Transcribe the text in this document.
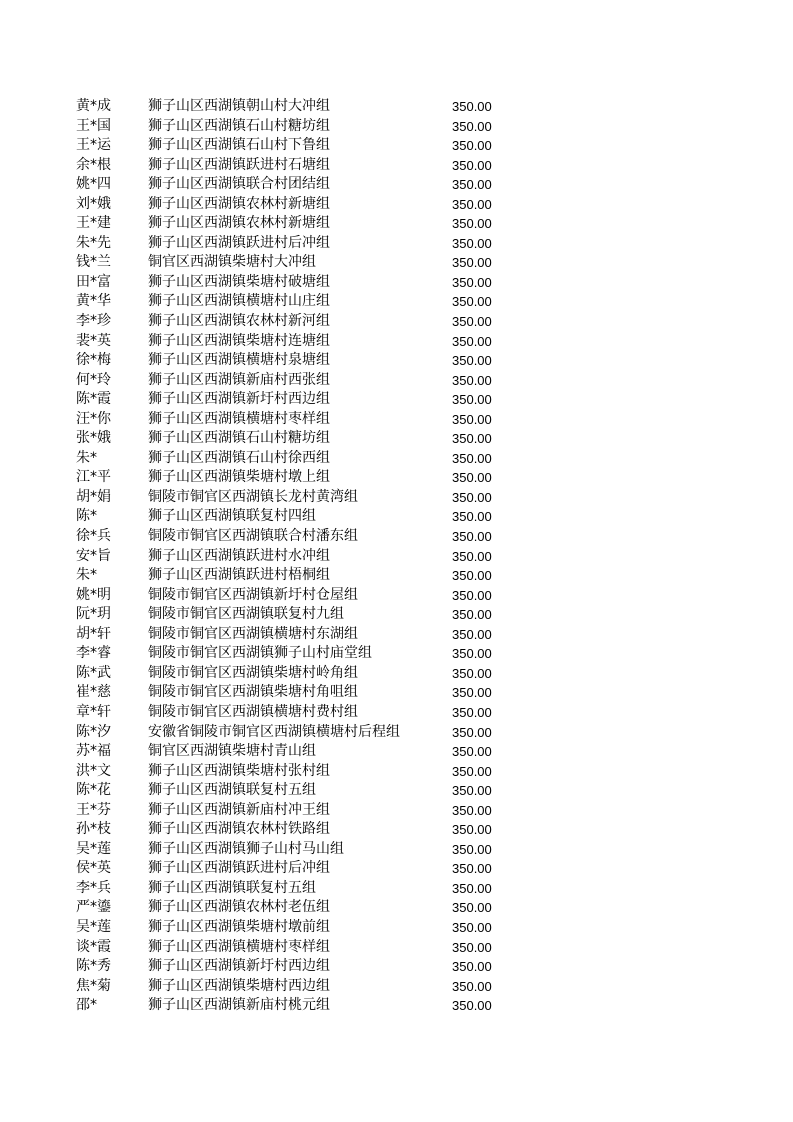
黄*成	狮子山区西湖镇朝山村大冲组	350.00
王*国	狮子山区西湖镇石山村糖坊组	350.00
王*运	狮子山区西湖镇石山村下鲁组	350.00
余*根	狮子山区西湖镇跃进村石塘组	350.00
姚*四	狮子山区西湖镇联合村团结组	350.00
刘*娥	狮子山区西湖镇农林村新塘组	350.00
王*建	狮子山区西湖镇农林村新塘组	350.00
朱*先	狮子山区西湖镇跃进村后冲组	350.00
钱*兰	铜官区西湖镇柴塘村大冲组	350.00
田*富	狮子山区西湖镇柴塘村破塘组	350.00
黄*华	狮子山区西湖镇横塘村山庄组	350.00
李*珍	狮子山区西湖镇农林村新河组	350.00
裴*英	狮子山区西湖镇柴塘村连塘组	350.00
徐*梅	狮子山区西湖镇横塘村泉塘组	350.00
何*玲	狮子山区西湖镇新庙村西张组	350.00
陈*霞	狮子山区西湖镇新圩村西边组	350.00
汪*你	狮子山区西湖镇横塘村枣样组	350.00
张*娥	狮子山区西湖镇石山村糖坊组	350.00
朱*	狮子山区西湖镇石山村徐西组	350.00
江*平	狮子山区西湖镇柴塘村墩上组	350.00
胡*娟	铜陵市铜官区西湖镇长龙村黄湾组	350.00
陈*	狮子山区西湖镇联复村四组	350.00
徐*兵	铜陵市铜官区西湖镇联合村潘东组	350.00
安*旨	狮子山区西湖镇跃进村水冲组	350.00
朱*	狮子山区西湖镇跃进村梧桐组	350.00
姚*明	铜陵市铜官区西湖镇新圩村仓屋组	350.00
阮*玥	铜陵市铜官区西湖镇联复村九组	350.00
胡*轩	铜陵市铜官区西湖镇横塘村东湖组	350.00
李*睿	铜陵市铜官区西湖镇狮子山村庙堂组	350.00
陈*武	铜陵市铜官区西湖镇柴塘村岭角组	350.00
崔*慈	铜陵市铜官区西湖镇柴塘村角咀组	350.00
章*轩	铜陵市铜官区西湖镇横塘村费村组	350.00
陈*汐	安徽省铜陵市铜官区西湖镇横塘村后程组	350.00
苏*福	铜官区西湖镇柴塘村青山组	350.00
洪*文	狮子山区西湖镇柴塘村张村组	350.00
陈*花	狮子山区西湖镇联复村五组	350.00
王*芬	狮子山区西湖镇新庙村冲王组	350.00
孙*枝	狮子山区西湖镇农林村铁路组	350.00
吴*莲	狮子山区西湖镇狮子山村马山组	350.00
侯*英	狮子山区西湖镇跃进村后冲组	350.00
李*兵	狮子山区西湖镇联复村五组	350.00
严*鎏	狮子山区西湖镇农林村老伍组	350.00
吴*莲	狮子山区西湖镇柴塘村墩前组	350.00
谈*霞	狮子山区西湖镇横塘村枣样组	350.00
陈*秀	狮子山区西湖镇新圩村西边组	350.00
焦*菊	狮子山区西湖镇柴塘村西边组	350.00
邵*	狮子山区西湖镇新庙村桃元组	350.00
